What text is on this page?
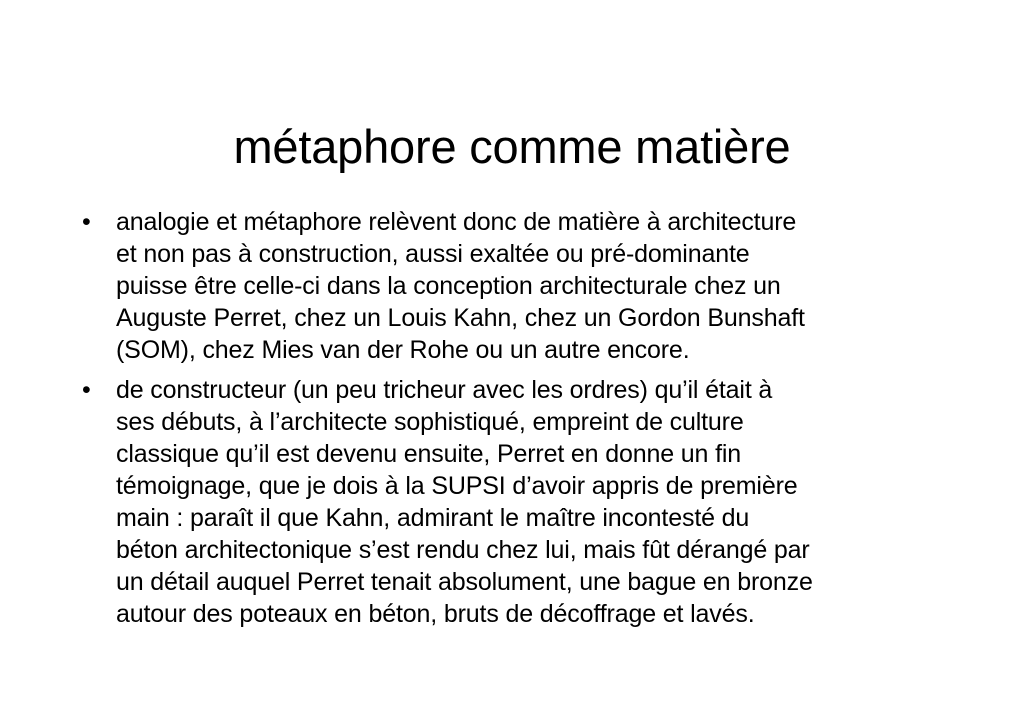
métaphore comme matière
• analogie et métaphore relèvent donc de matière à architecture
et non pas à construction, aussi exaltée ou pré-dominante
puisse être celle-ci dans la conception architecturale chez un
Auguste Perret, chez un Louis Kahn, chez un Gordon Bunshaft
(SOM), chez Mies van der Rohe ou un autre encore.
• de constructeur (un peu tricheur avec les ordres) qu’il était à
ses débuts, à l’architecte sophistiqué, empreint de culture
classique qu’il est devenu ensuite, Perret en donne un fin
témoignage, que je dois à la SUPSI d’avoir appris de première
main : paraît il que Kahn, admirant le maître incontesté du
béton architectonique s’est rendu chez lui, mais fût dérangé par
un détail auquel Perret tenait absolument, une bague en bronze
autour des poteaux en béton, bruts de décoffrage et lavés.
